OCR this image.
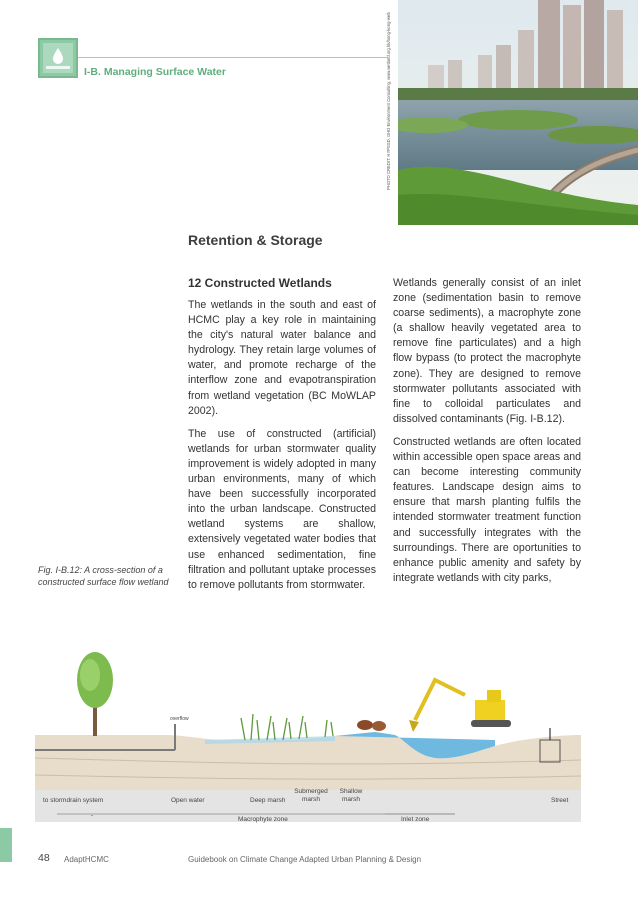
I-B. Managing Surface Water	PHOTO CREDIT: HYPSSD, GHD Environment Consulting, www.wetland.org.hk/hong-kong-wetland
Retention & Storage
12 Constructed Wetlands

The wetlands in the south and east of HCMC play a key role in maintaining the city's natural water balance and hydrology. They retain large volumes of water, and promote recharge of the interflow zone and evapotranspiration from wetland vegetation (BC MoWLAP 2002).

The use of constructed (artificial) wetlands for urban stormwater quality improvement is widely adopted in many urban environments, many of which have been successfully incorporated into the urban landscape. Constructed wetland systems are shallow, extensively vegetated water bodies that use enhanced sedimentation, fine filtration and pollutant uptake processes to remove pollutants from stormwater.

Wetlands generally consist of an inlet zone (sedimentation basin to remove coarse sediments), a macrophyte zone (a shallow heavily vegetated area to remove fine particulates) and a high flow bypass (to protect the macrophyte zone). They are designed to remove stormwater pollutants associated with fine to colloidal particulates and dissolved contaminants (Fig. I-B.12).

Constructed wetlands are often located within accessible open space areas and can become interesting community features. Landscape design aims to ensure that marsh planting fulfils the intended stormwater treatment function and successfully integrates with the surroundings. There are oportunities to enhance public amenity and safety by integrate wetlands with city parks,

Fig. I-B.12: A cross-section of a constructed surface flow wetland
overflow
to stormdrain system	Open water	Deep marsh
Submerged marsh
Shallow marsh	Street
-
Macrophyte zone	Inlet zone
48 AdaptHCMC	Guidebook on Climate Change Adapted Urban Planning & Design
